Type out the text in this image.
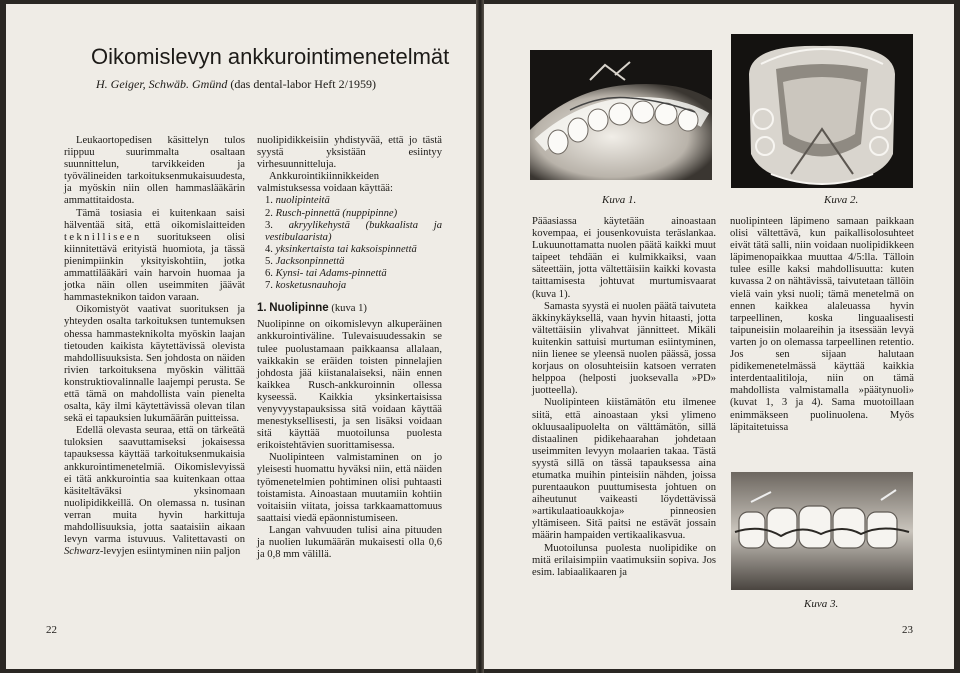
Oikomislevyn ankkurointimenetelmät
H. Geiger, Schwäb. Gmünd (das dental-labor Heft 2/1959)

Leukaortopedisen käsittelyn tulos riippuu suurimmalta osaltaan suunnittelun, tarvikkeiden ja työvälineiden tarkoituksenmukaisuudesta, ja myöskin niin ollen hammaslääkärin ammattitaidosta.

Tämä tosiasia ei kuitenkaan saisi hälventää sitä, että oikomislaitteiden teknilliseen suoritukseen olisi kiinnitettävä erityistä huomiota, ja tässä pienimpiinkin yksityiskohtiin, jotka ammattilääkäri vain harvoin huomaa ja jotka näin ollen useimmiten jäävät hammasteknikon taidon varaan.

Oikomistyöt vaativat suorituksen ja yhteyden osalta tarkoituksen tuntemuksen ohessa hammasteknikolta myöskin laajan tietouden kaikista käytettävissä olevista mahdollisuuksista. Sen johdosta on näiden rivien tarkoituksena myöskin välittää konstruktiovalinnalle laajempi perusta. Se että tämä on mahdollista vain pienelta osalta, käy ilmi käytettävissä olevan tilan sekä ei tapauksien lukumäärän puitteissa.

Edellä olevasta seuraa, että on tärkeätä tuloksien saavuttamiseksi jokaisessa tapauksessa käyttää tarkoituksenmukaisia ankkurointimenetelmiä. Oikomislevyissä ei tätä ankkurointia saa kuitenkaan ottaa käsiteltäväksi yksinomaan nuolipidikkeillä. On olemassa n. tusinan verran muita hyvin harkittuja mahdollisuuksia, jotta saataisiin aikaan levyn varma istuvuus. Valitettavasti on Schwarz-levyjen esiintyminen niin paljon

nuolipidikkeisiin yhdistyvää, että jo tästä syystä yksistään esiintyy virhesuunnitteluja.

Ankkurointikiinnikkeiden valmistuksessa voidaan käyttää:

1. nuolipinteitä
2. Rusch-pinnettä (nuppipinne)
3. akryylikehystä (bukkaalista ja vestibulaarista)
4. yksinkertaista tai kaksoispinnettä
5. Jacksonpinnettä
6. Kynsi- tai Adams-pinnettä
7. kosketusnauhoja
1. Nuolipinne (kuva 1)

Nuolipinne on oikomislevyn alkuperäinen ankkurointiväline. Tulevaisuudessakin se tulee puolustamaan paikkaansa allalaan, vaikkakin se eräiden toisten pinnelajien johdosta jää kiistanalaiseksi, näin ennen kaikkea Rusch-ankkuroinnin ollessa kyseessä. Kaikkia yksinkertaisissa venyvyystapauksissa sitä voidaan käyttää menestyksellisesti, ja sen lisäksi voidaan sitä käyttää muotoilunsa puolesta erikoistehtävien suorittamisessa.

Nuolipinteen valmistaminen on jo yleisesti huomattu hyväksi niin, että näiden työmenetelmien pohtiminen olisi puhtaasti toistamista. Ainoastaan muutamiin kohtiin voitaisiin viitata, joissa tarkkaamattomuus saattaisi viedä epäonnistumiseen.

Langan vahvuuden tulisi aina pituuden ja nuolien lukumäärän mukaisesti olla 0,6 ja 0,8 mm välillä.

22
Kuva 1.	Kuva 2.

Pääasiassa käytetään ainoastaan kovempaa, ei jousenkovuista teräslankaa. Lukuunottamatta nuolen päätä kaikki muut taipeet tehdään ei kulmikkaiksi, vaan säteettäin, jotta vältettäisiin kaikki kovasta taittamisesta johtuvat murtumisvaarat (kuva 1).

Samasta syystä ei nuolen päätä taivuteta äkkinykäyksellä, vaan hyvin hitaasti, jotta vältettäisiin ylivahvat jännitteet. Mikäli kuitenkin sattuisi murtuman esiintyminen, niin lienee se yleensä nuolen päässä, jossa korjaus on olosuhteisiin katsoen verraten helppoa (helposti juoksevalla »PD» juotteella).

Nuolipinteen kiistämätön etu ilmenee siitä, että ainoastaan yksi ylimeno okluusaalipuolelta on välttämätön, sillä distaalinen pidikehaarahan johdetaan useimmiten levyyn molaarien takaa. Tästä syystä sillä on tässä tapauksessa aina etumatka muihin pinteisiin nähden, joissa purentaaukon puuttumisesta johtuen on aiheutunut vaikeasti löydettävissä »artikulaatioaukkoja» pinneosien yltämiseen. Sitä paitsi ne estävät jossain määrin hampaiden vertikaalikasvua.

Muotoilunsa puolesta nuolipidike on mitä erilaisimpiin vaatimuksiin sopiva. Jos esim. labiaalikaaren ja

nuolipinteen läpimeno samaan paikkaan olisi vältettävä, kun paikallisolosuhteet eivät tätä salli, niin voidaan nuolipidikkeen läpimenopaikkaa muuttaa 4/5:lla. Tälloin tulee esille kaksi mahdollisuutta: kuten kuvassa 2 on nähtävissä, taivutetaan tällöin vielä vain yksi nuoli; tämä menetelmä on ennen kaikkea alaleuassa hyvin tarpeellinen, koska linguaalisesti taipuneisiin molaareihin ja itsessään levyä varten jo on olemassa tarpeellinen retentio. Jos sen sijaan halutaan pidikemenetelmässä käyttää kaikkia interdentaalitiloja, niin on tämä mahdollista valmistamalla »päätynuoli» (kuvat 1, 3 ja 4). Sama muotoillaan enimmäkseen puolinuolena. Myös läpitaitetuissa

Kuva 3.
23
